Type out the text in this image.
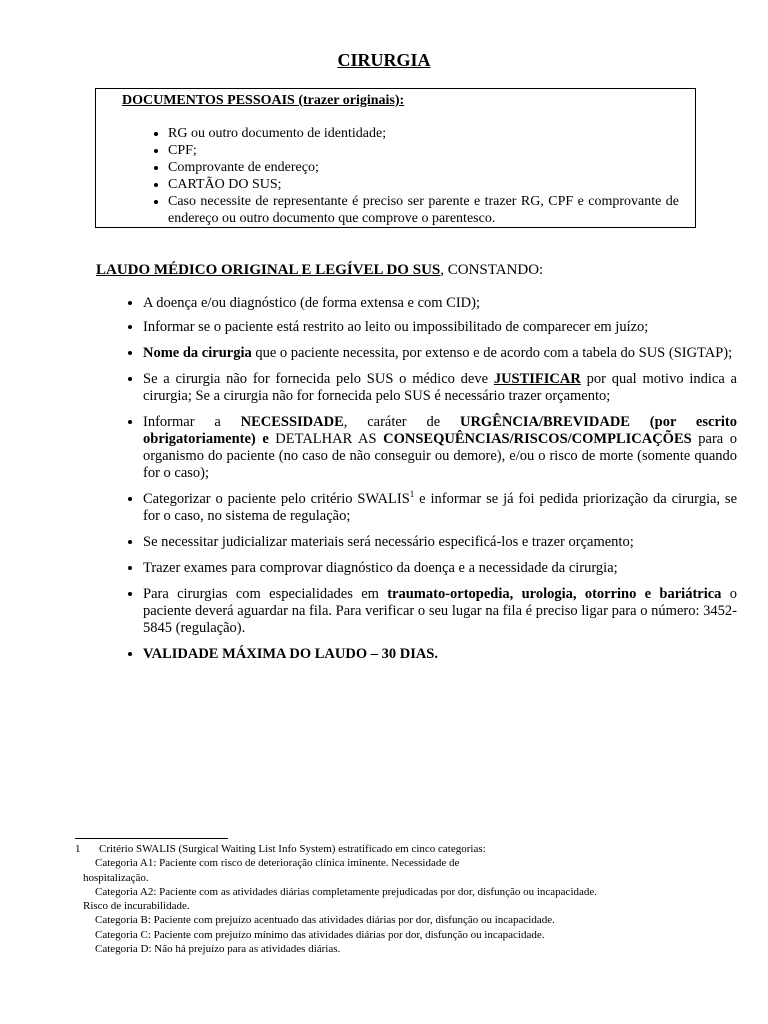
CIRURGIA
DOCUMENTOS PESSOAIS (trazer originais):
• RG ou outro documento de identidade;
• CPF;
• Comprovante de endereço;
• CARTÃO DO SUS;
• Caso necessite de representante é preciso ser parente e trazer RG, CPF e comprovante de endereço ou outro documento que comprove o parentesco.
LAUDO MÉDICO ORIGINAL E LEGÍVEL DO SUS, CONSTANDO:
• A doença e/ou diagnóstico (de forma extensa e com CID);
• Informar se o paciente está restrito ao leito ou impossibilitado de comparecer em juízo;
• Nome da cirurgia que o paciente necessita, por extenso e de acordo com a tabela do SUS (SIGTAP);
• Se a cirurgia não for fornecida pelo SUS o médico deve JUSTIFICAR por qual motivo indica a cirurgia; Se a cirurgia não for fornecida pelo SUS é necessário trazer orçamento;
• Informar a NECESSIDADE, caráter de URGÊNCIA/BREVIDADE (por escrito obrigatoriamente) e DETALHAR AS CONSEQUÊNCIAS/RISCOS/COMPLICAÇÕES para o organismo do paciente (no caso de não conseguir ou demore), e/ou o risco de morte (somente quando for o caso);
• Categorizar o paciente pelo critério SWALIS$^1$ e informar se já foi pedida priorização da cirurgia, se for o caso, no sistema de regulação;
• Se necessitar judicializar materiais será necessário especificá-los e trazer orçamento;
• Trazer exames para comprovar diagnóstico da doença e a necessidade da cirurgia;
• Para cirurgias com especialidades em traumato-ortopedia, urologia, otorrino e bariátrica o paciente deverá aguardar na fila. Para verificar o seu lugar na fila é preciso ligar para o número: 3452-5845 (regulação).
• VALIDADE MÁXIMA DO LAUDO – 30 DIAS.

1 Critério SWALIS (Surgical Waiting List Info System) estratificado em cinco categorias:

Categoria A1: Paciente com risco de deterioração clínica iminente. Necessidade de

hospitalização.

Categoria A2: Paciente com as atividades diárias completamente prejudicadas por dor, disfunção ou incapacidade.

Risco de incurabilidade.

Categoria B: Paciente com prejuízo acentuado das atividades diárias por dor, disfunção ou incapacidade.

Categoria C: Paciente com prejuízo mínimo das atividades diárias por dor, disfunção ou incapacidade.

Categoria D: Não há prejuízo para as atividades diárias.
